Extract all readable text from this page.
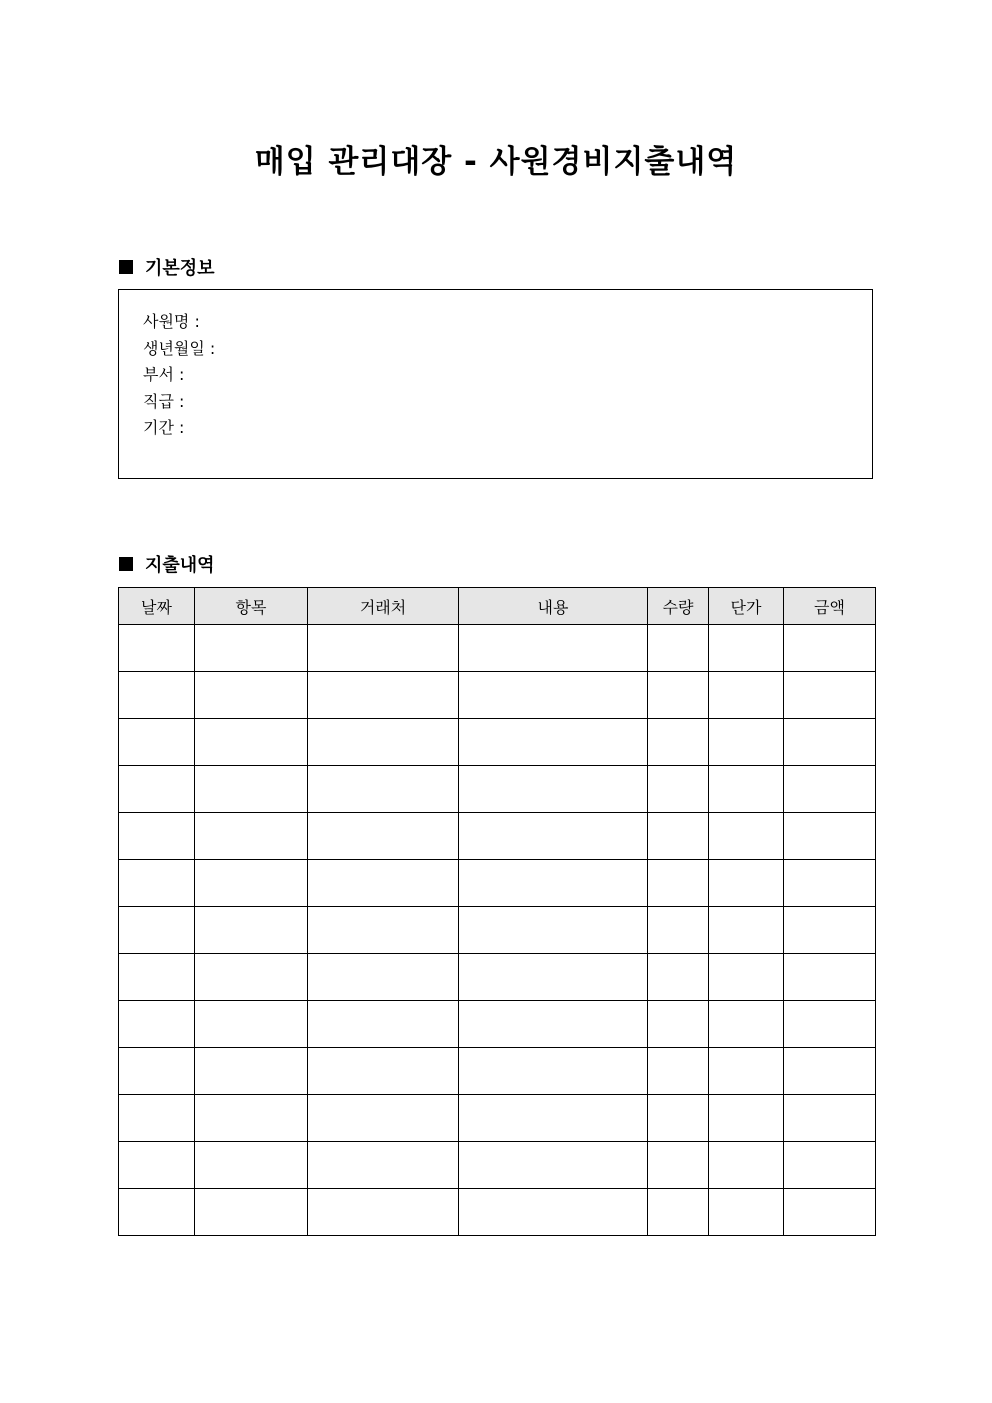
매입 관리대장 - 사원경비지출내역
기본정보
사원명 :
생년월일 :
부서 :
직급 :
기간 :
지출내역
날짜	항목	거래처	내용	수량	단가	금액
